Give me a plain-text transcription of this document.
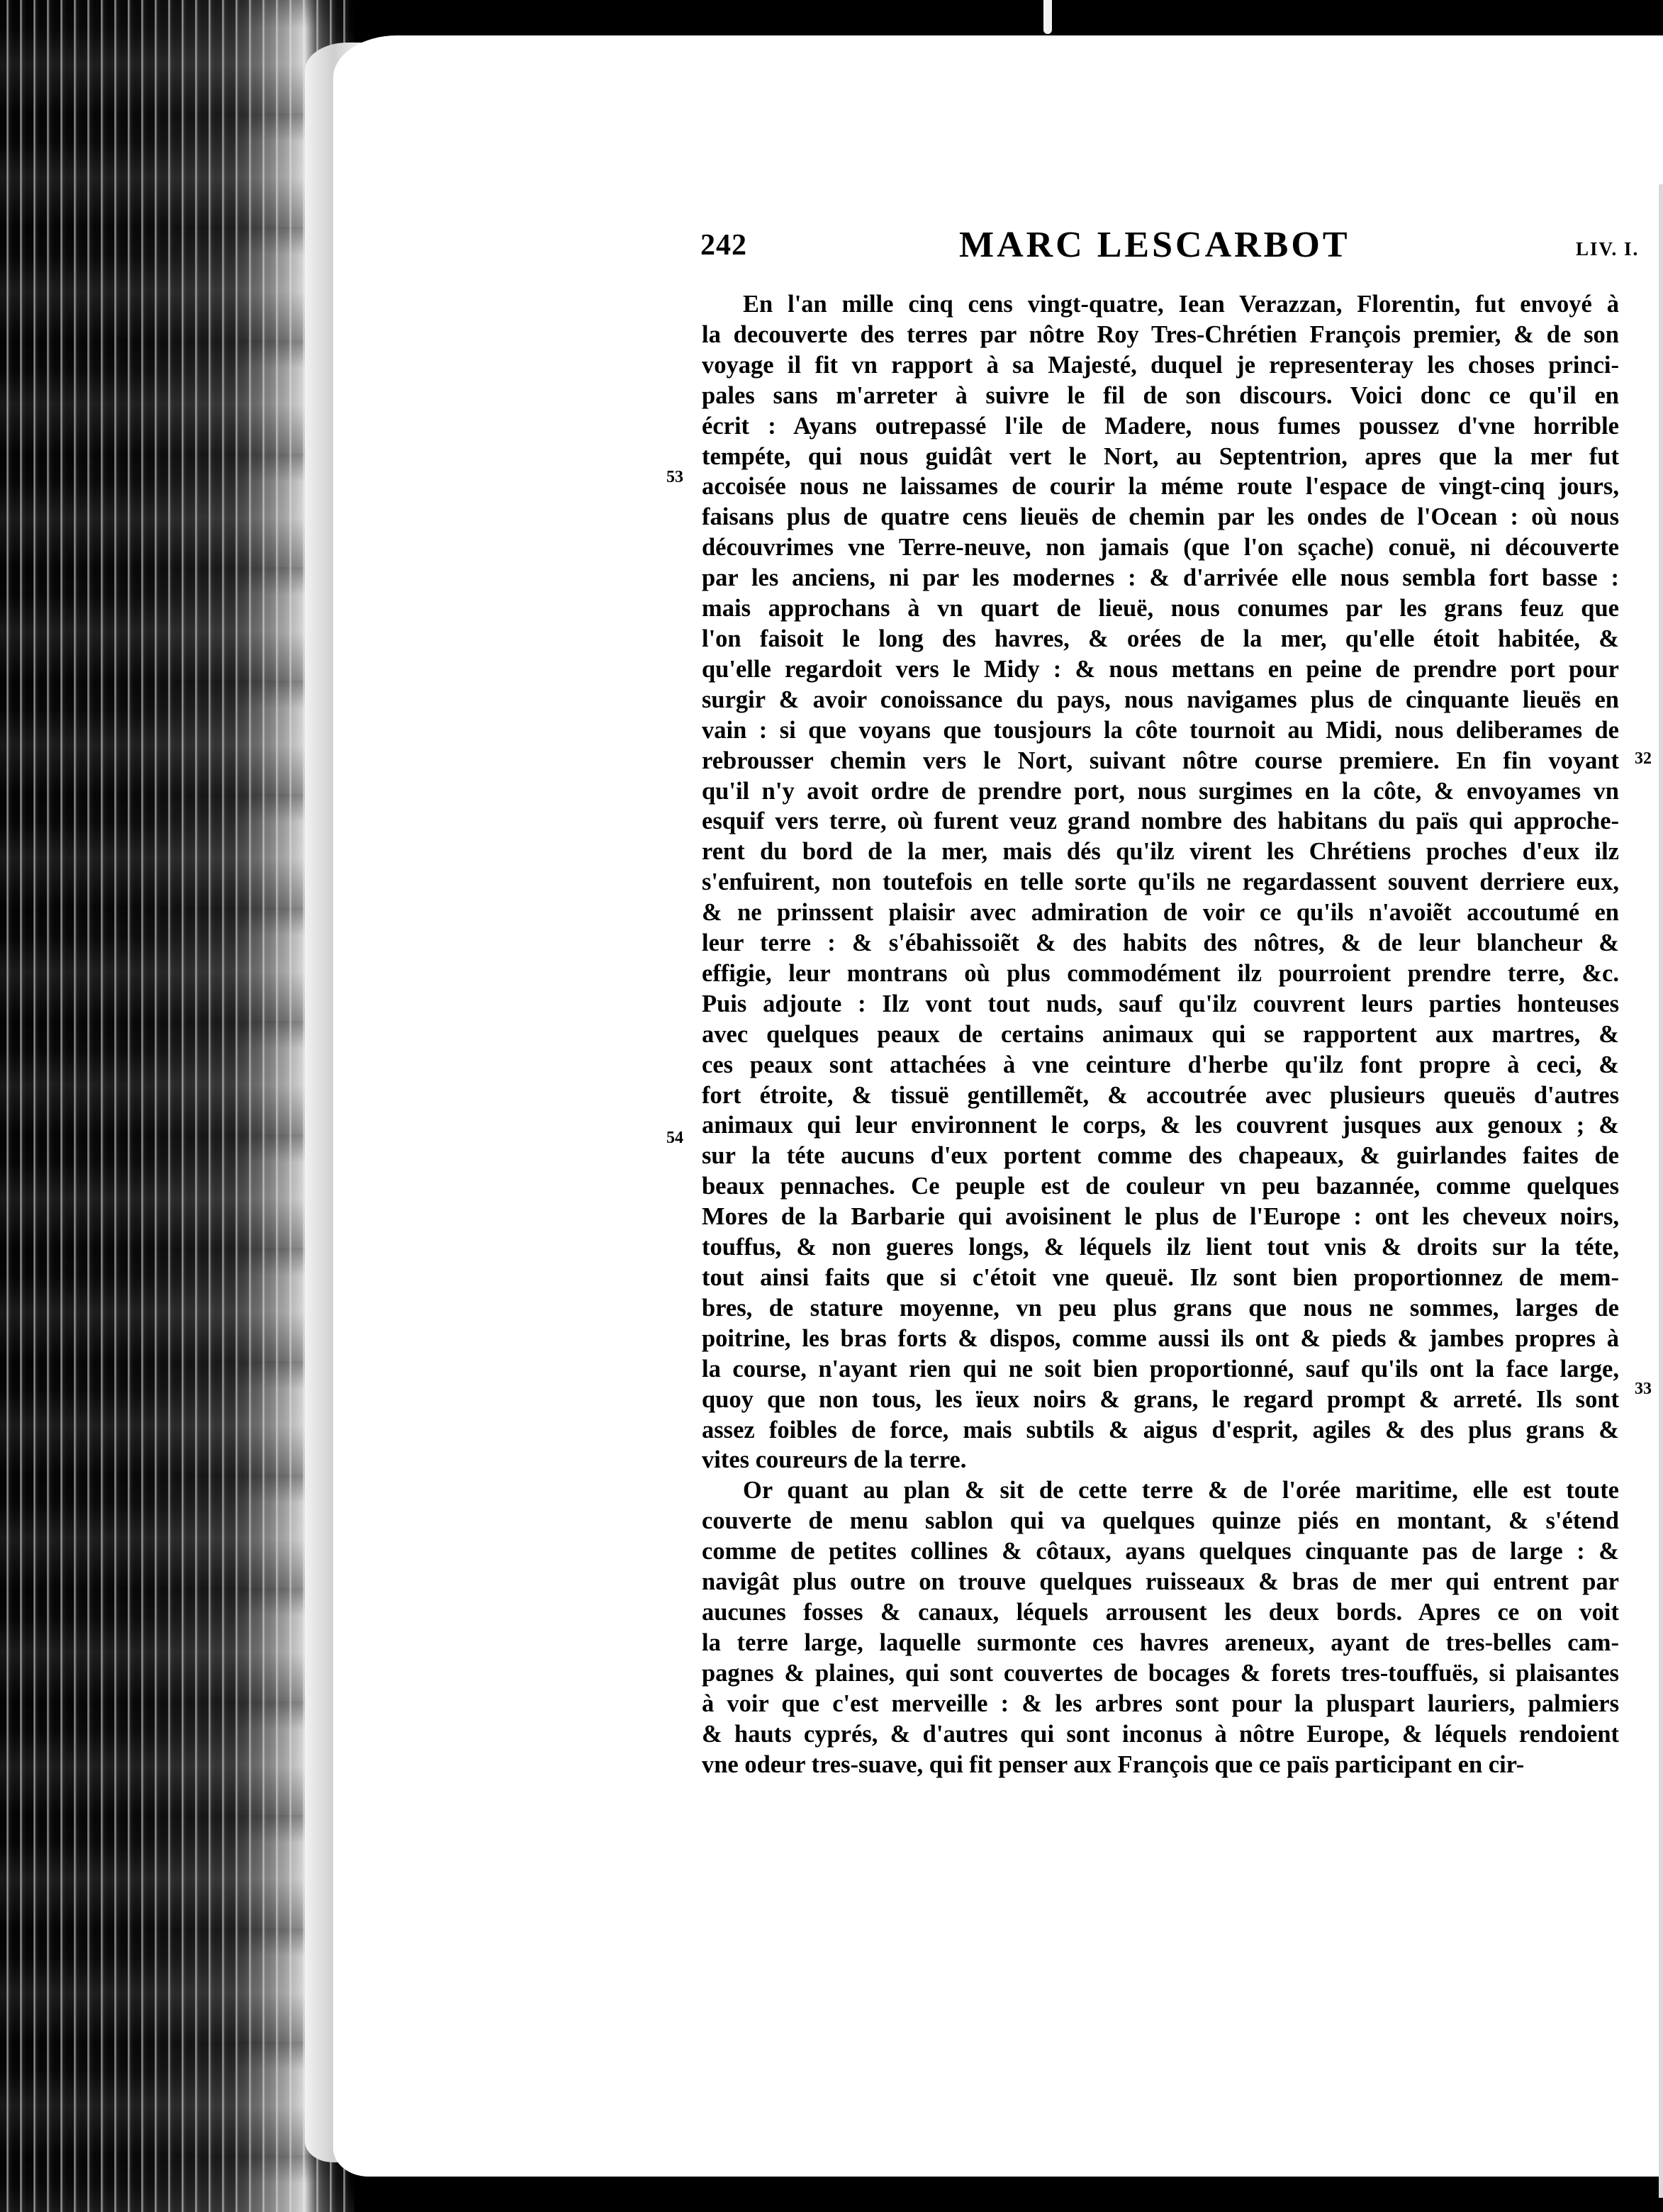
242	MARC LESCARBOT	LIV. I.
53
54
32
33
En l'an mille cinq cens vingt-quatre, Iean Verazzan, Florentin, fut envoyé à
la decouverte des terres par nôtre Roy Tres-Chrétien François premier, & de son
voyage il fit vn rapport à sa Majesté, duquel je representeray les choses princi-
pales sans m'arreter à suivre le fil de son discours. Voici donc ce qu'il en
écrit : Ayans outrepassé l'ile de Madere, nous fumes poussez d'vne horrible
tempéte, qui nous guidât vert le Nort, au Septentrion, apres que la mer fut
accoisée nous ne laissames de courir la méme route l'espace de vingt-cinq jours,
faisans plus de quatre cens lieuës de chemin par les ondes de l'Ocean : où nous
découvrimes vne Terre-neuve, non jamais (que l'on sçache) conuë, ni découverte
par les anciens, ni par les modernes : & d'arrivée elle nous sembla fort basse :
mais approchans à vn quart de lieuë, nous conumes par les grans feuz que
l'on faisoit le long des havres, & orées de la mer, qu'elle étoit habitée, &
qu'elle regardoit vers le Midy : & nous mettans en peine de prendre port pour
surgir & avoir conoissance du pays, nous navigames plus de cinquante lieuës en
vain : si que voyans que tousjours la côte tournoit au Midi, nous deliberames de
rebrousser chemin vers le Nort, suivant nôtre course premiere. En fin voyant
qu'il n'y avoit ordre de prendre port, nous surgimes en la côte, & envoyames vn
esquif vers terre, où furent veuz grand nombre des habitans du païs qui approche-
rent du bord de la mer, mais dés qu'ilz virent les Chrétiens proches d'eux ilz
s'enfuirent, non toutefois en telle sorte qu'ils ne regardassent souvent derriere eux,
& ne prinssent plaisir avec admiration de voir ce qu'ils n'avoiẽt accoutumé en
leur terre : & s'ébahissoiẽt & des habits des nôtres, & de leur blancheur &
effigie, leur montrans où plus commodément ilz pourroient prendre terre, &c.
Puis adjoute : Ilz vont tout nuds, sauf qu'ilz couvrent leurs parties honteuses
avec quelques peaux de certains animaux qui se rapportent aux martres, &
ces peaux sont attachées à vne ceinture d'herbe qu'ilz font propre à ceci, &
fort étroite, & tissuë gentillemẽt, & accoutrée avec plusieurs queuës d'autres
animaux qui leur environnent le corps, & les couvrent jusques aux genoux ; &
sur la téte aucuns d'eux portent comme des chapeaux, & guirlandes faites de
beaux pennaches. Ce peuple est de couleur vn peu bazannée, comme quelques
Mores de la Barbarie qui avoisinent le plus de l'Europe : ont les cheveux noirs,
touffus, & non gueres longs, & léquels ilz lient tout vnis & droits sur la téte,
tout ainsi faits que si c'étoit vne queuë. Ilz sont bien proportionnez de mem-
bres, de stature moyenne, vn peu plus grans que nous ne sommes, larges de
poitrine, les bras forts & dispos, comme aussi ils ont & pieds & jambes propres à
la course, n'ayant rien qui ne soit bien proportionné, sauf qu'ils ont la face large,
quoy que non tous, les ïeux noirs & grans, le regard prompt & arreté. Ils sont
assez foibles de force, mais subtils & aigus d'esprit, agiles & des plus grans &
vites coureurs de la terre.
Or quant au plan & sit de cette terre & de l'orée maritime, elle est toute
couverte de menu sablon qui va quelques quinze piés en montant, & s'étend
comme de petites collines & côtaux, ayans quelques cinquante pas de large : &
navigât plus outre on trouve quelques ruisseaux & bras de mer qui entrent par
aucunes fosses & canaux, léquels arrousent les deux bords. Apres ce on voit
la terre large, laquelle surmonte ces havres areneux, ayant de tres-belles cam-
pagnes & plaines, qui sont couvertes de bocages & forets tres-touffuës, si plaisantes
à voir que c'est merveille : & les arbres sont pour la pluspart lauriers, palmiers
& hauts cyprés, & d'autres qui sont inconus à nôtre Europe, & léquels rendoient
vne odeur tres-suave, qui fit penser aux François que ce païs participant en cir-
